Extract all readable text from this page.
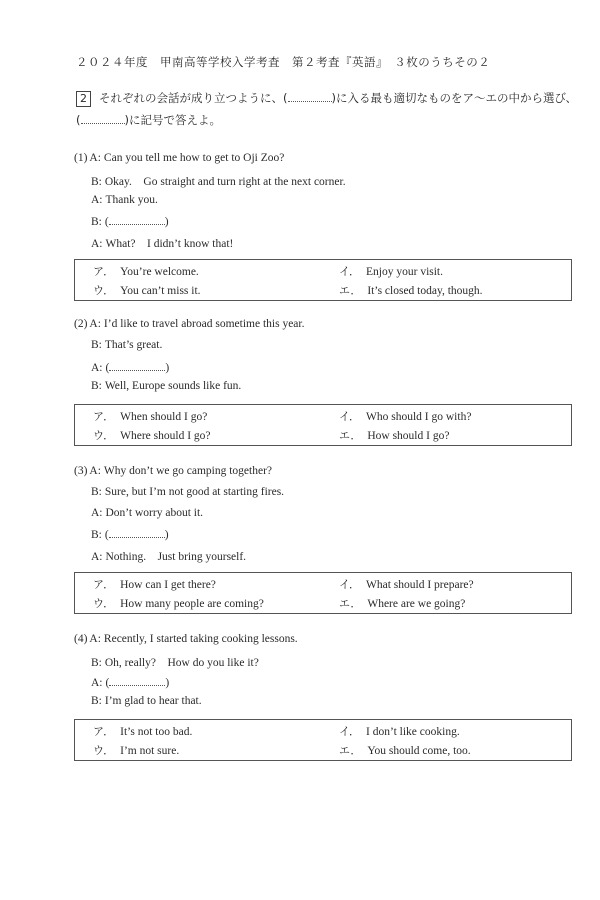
２０２４年度　甲南高等学校入学考査　第２考査『英語』　３枚のうちその２
2 それぞれの会話が成り立つように、(	)に入る最も適切なものをア～エの中から選び、
(	)に記号で答えよ。
(1) A: Can you tell me how to get to Oji Zoo?
B: Okay.　Go straight and turn right at the next corner.
A: Thank you.
B: (	)
A: What?　I didn’t know that!
ア． You’re welcome.	イ． Enjoy your visit.
ウ． You can’t miss it.	エ． It’s closed today, though.
(2) A: I’d like to travel abroad sometime this year.
B: That’s great.
A: (	)
B: Well, Europe sounds like fun.
ア． When should I go?	イ． Who should I go with?
ウ． Where should I go?	エ． How should I go?
(3) A: Why don’t we go camping together?
B: Sure, but I’m not good at starting fires.
A: Don’t worry about it.
B: (	)
A: Nothing.　Just bring yourself.
ア． How can I get there?	イ． What should I prepare?
ウ． How many people are coming?	エ． Where are we going?
(4) A: Recently, I started taking cooking lessons.
B: Oh, really?　How do you like it?
A: (	)
B: I’m glad to hear that.
ア． It’s not too bad.	イ． I don’t like cooking.
ウ． I’m not sure.	エ． You should come, too.
